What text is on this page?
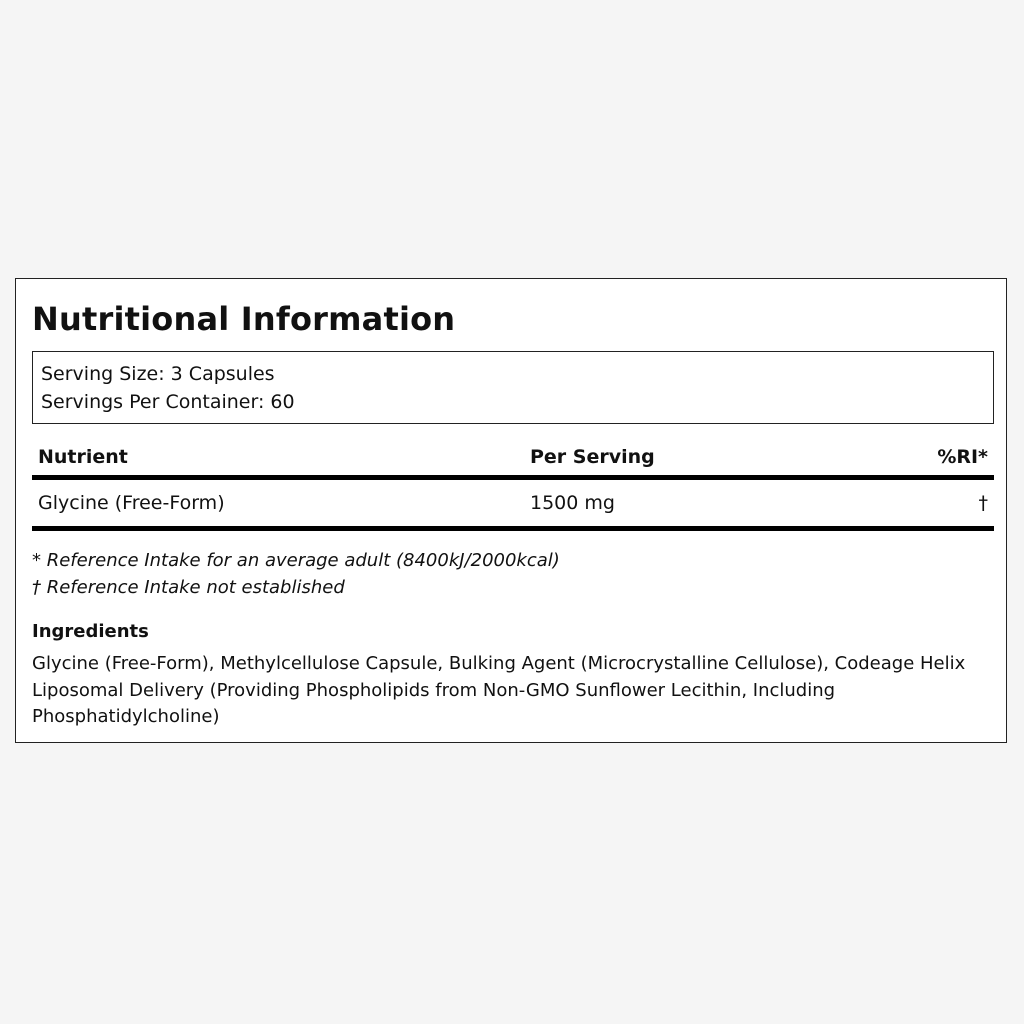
Nutritional Information
Serving Size: 3 Capsules
Servings Per Container: 60
Nutrient	Per Serving	%RI*
Glycine (Free-Form)	1500 mg	†
* Reference Intake for an average adult (8400kJ/2000kcal)
† Reference Intake not established
Ingredients
Glycine (Free-Form), Methylcellulose Capsule, Bulking Agent (Microcrystalline Cellulose), Codeage Helix Liposomal Delivery (Providing Phospholipids from Non-GMO Sunflower Lecithin, Including Phosphatidylcholine)
